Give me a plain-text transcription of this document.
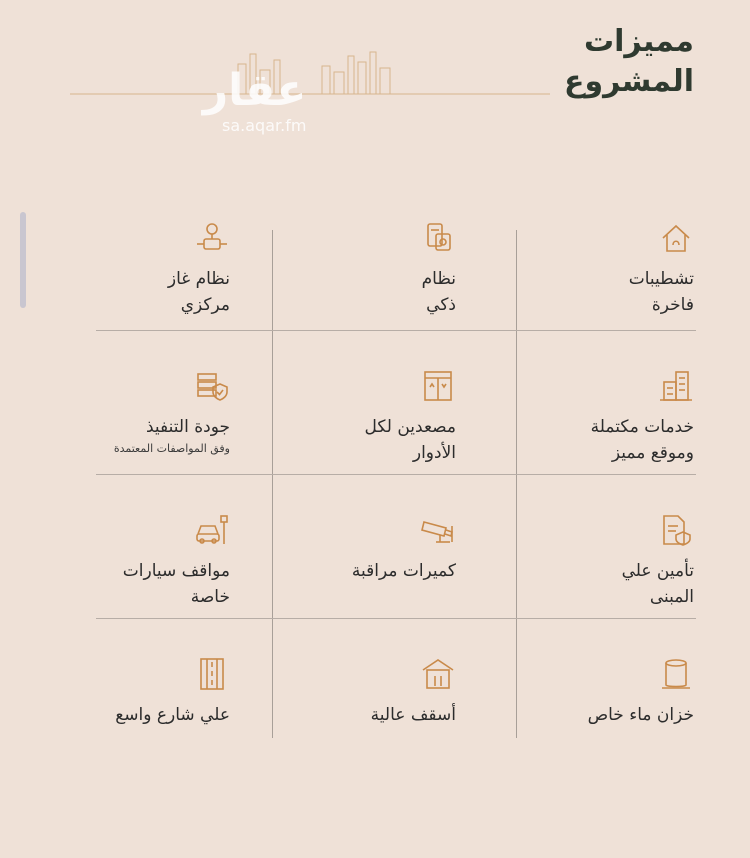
مميزات
المشروع
عقار
sa.aqar.fm
تشطيبات
فاخرة
نظام
ذكي
نظام غاز
مركزي
خدمات مكتملة
وموقع مميز
مصعدين لكل
الأدوار
جودة التنفيذ
وفق المواصفات المعتمدة
تأمين علي
المبنى
كميرات مراقبة
مواقف سيارات
خاصة
خزان ماء خاص
أسقف عالية
علي شارع واسع
